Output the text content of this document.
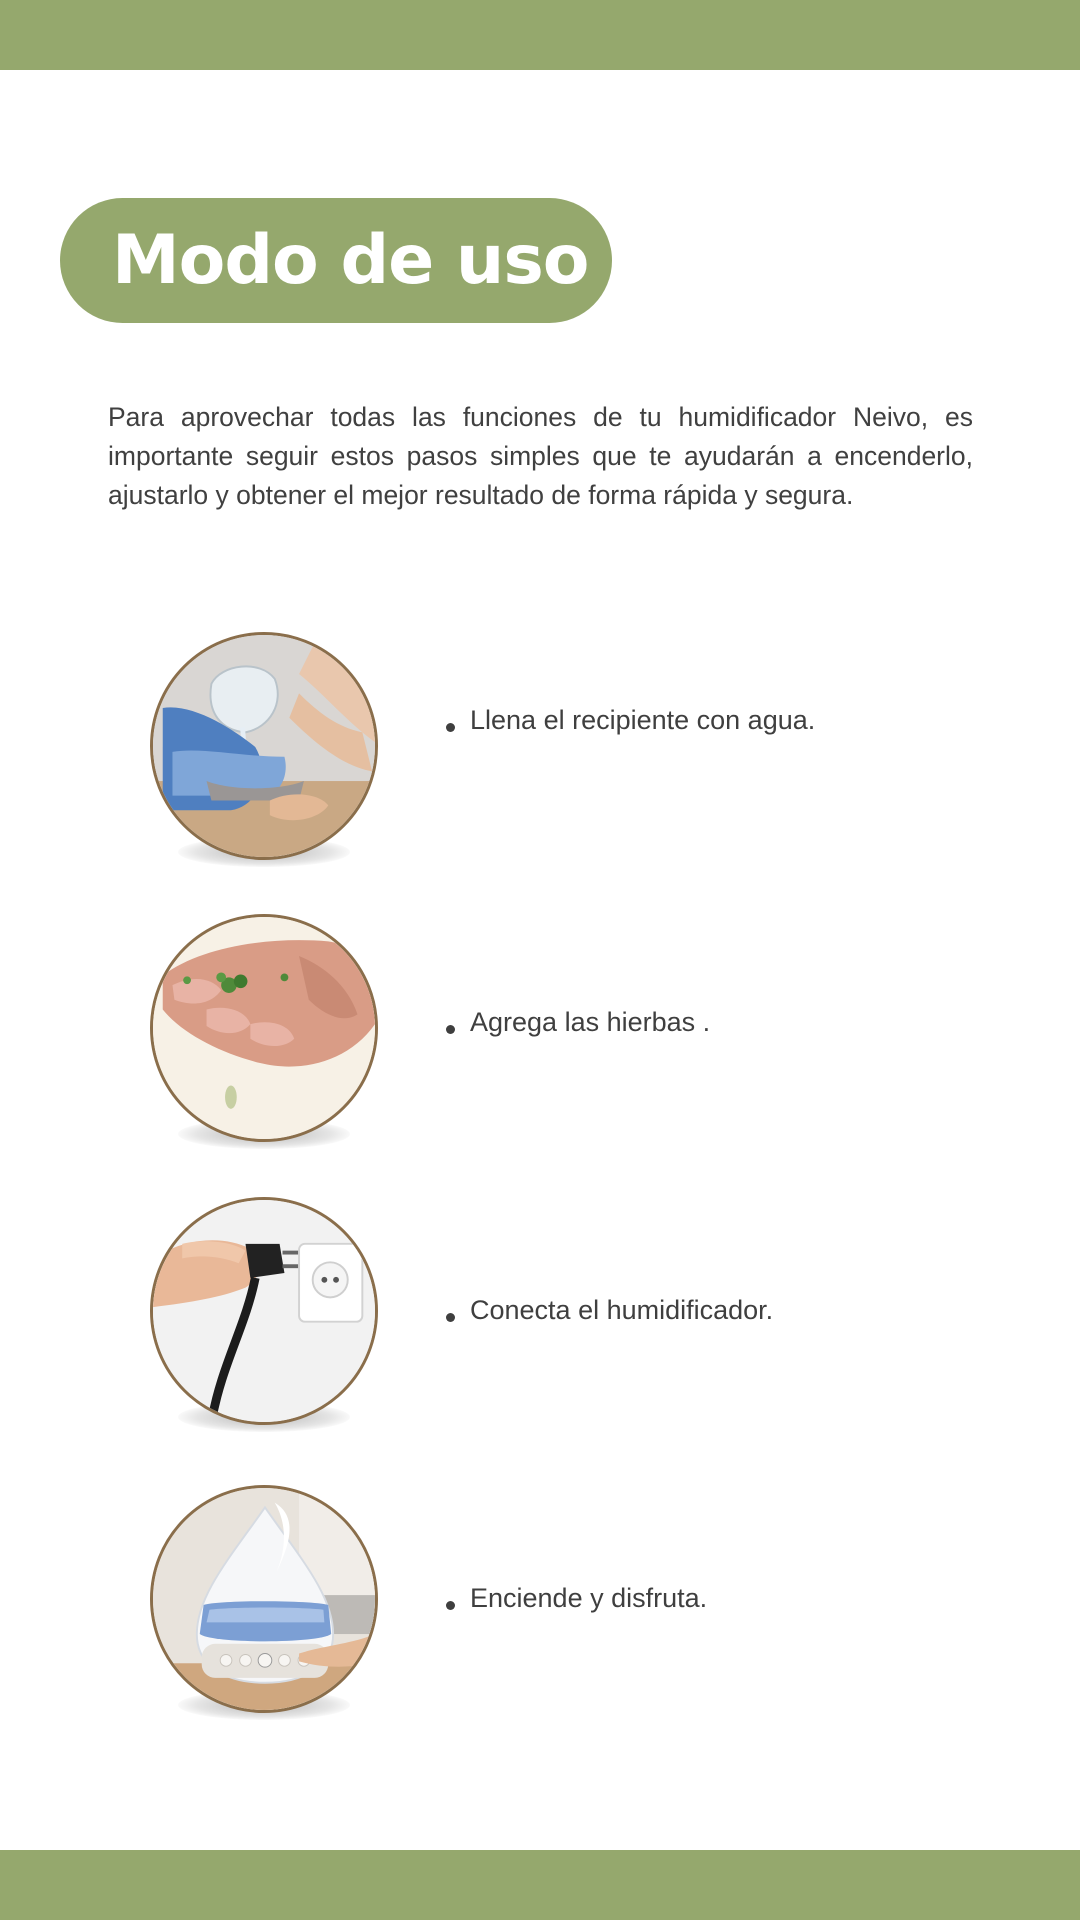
Modo de uso :

Para aprovechar todas las funciones de tu humidificador Neivo, es importante seguir estos pasos simples que te ayudarán a encenderlo, ajustarlo y obtener el mejor resultado de forma rápida y segura.

Llena el recipiente con agua.
Agrega las hierbas .
Conecta el humidificador.
Enciende y disfruta.
